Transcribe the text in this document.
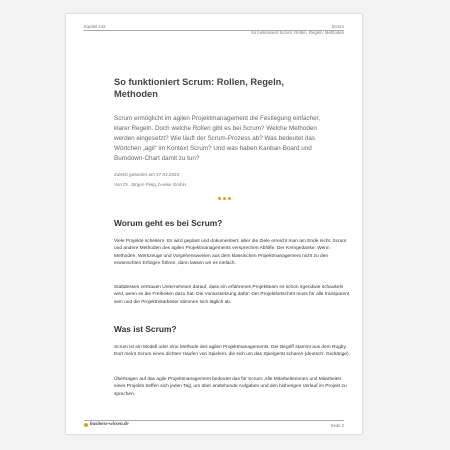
Kapitel 142	Scrum
So funktioniert Scrum: Rollen, Regeln, Methoden
So funktioniert Scrum: Rollen, Regeln, Methoden
Scrum ermöglicht im agilen Projektmanagement die Festlegung einfacher, klarer Regeln. Doch welche Rollen gibt es bei Scrum? Welche Methoden werden eingesetzt? Wie läuft der Scrum-Prozess ab? Was bedeutet das Wörtchen „agil“ im Kontext Scrum? Und was haben Kanban-Board und Burndown-Chart damit zu tun?
Zuletzt geändert am 27.04.2023
Von Dr. Jürgen Fleig, b-wise GmbH
Worum geht es bei Scrum?
Viele Projekte scheitern. Es wird geplant und dokumentiert, aber die Ziele erreicht man am Ende nicht. Scrum und andere Methoden des agilen Projektmanagements versprechen Abhilfe. Der Kerngedanke: Wenn Methoden, Werkzeuge und Vorgehensweisen aus dem klassischen Projektmanagement nicht zu den erwünschten Erfolgen führen, dann lassen wir es einfach.
Stattdessen vertrauen Unternehmen darauf, dass ein erfahrenes Projektteam es schon irgendwie schaukeln wird, wenn es die Freiheiten dazu hat. Die Voraussetzung dafür: Der Projektfortschritt muss für alle transparent sein und die Projektmitarbeiter stimmen sich täglich ab.
Was ist Scrum?
Scrum ist ein Modell oder eine Methode des agilen Projektmanagements. Der Begriff stammt aus dem Rugby. Dort meint Scrum einen dichten Haufen von Spielern, die sich um das Spielgerät scharen (deutsch: Gedränge).
Übertragen auf das agile Projektmanagement bedeutet das für Scrum: Alle Mitarbeiterinnen und Mitarbeiter eines Projekts treffen sich jeden Tag, um über anstehende Aufgaben und den bisherigen Verlauf im Projekt zu sprechen.
business-wissen.de	Seite 2
